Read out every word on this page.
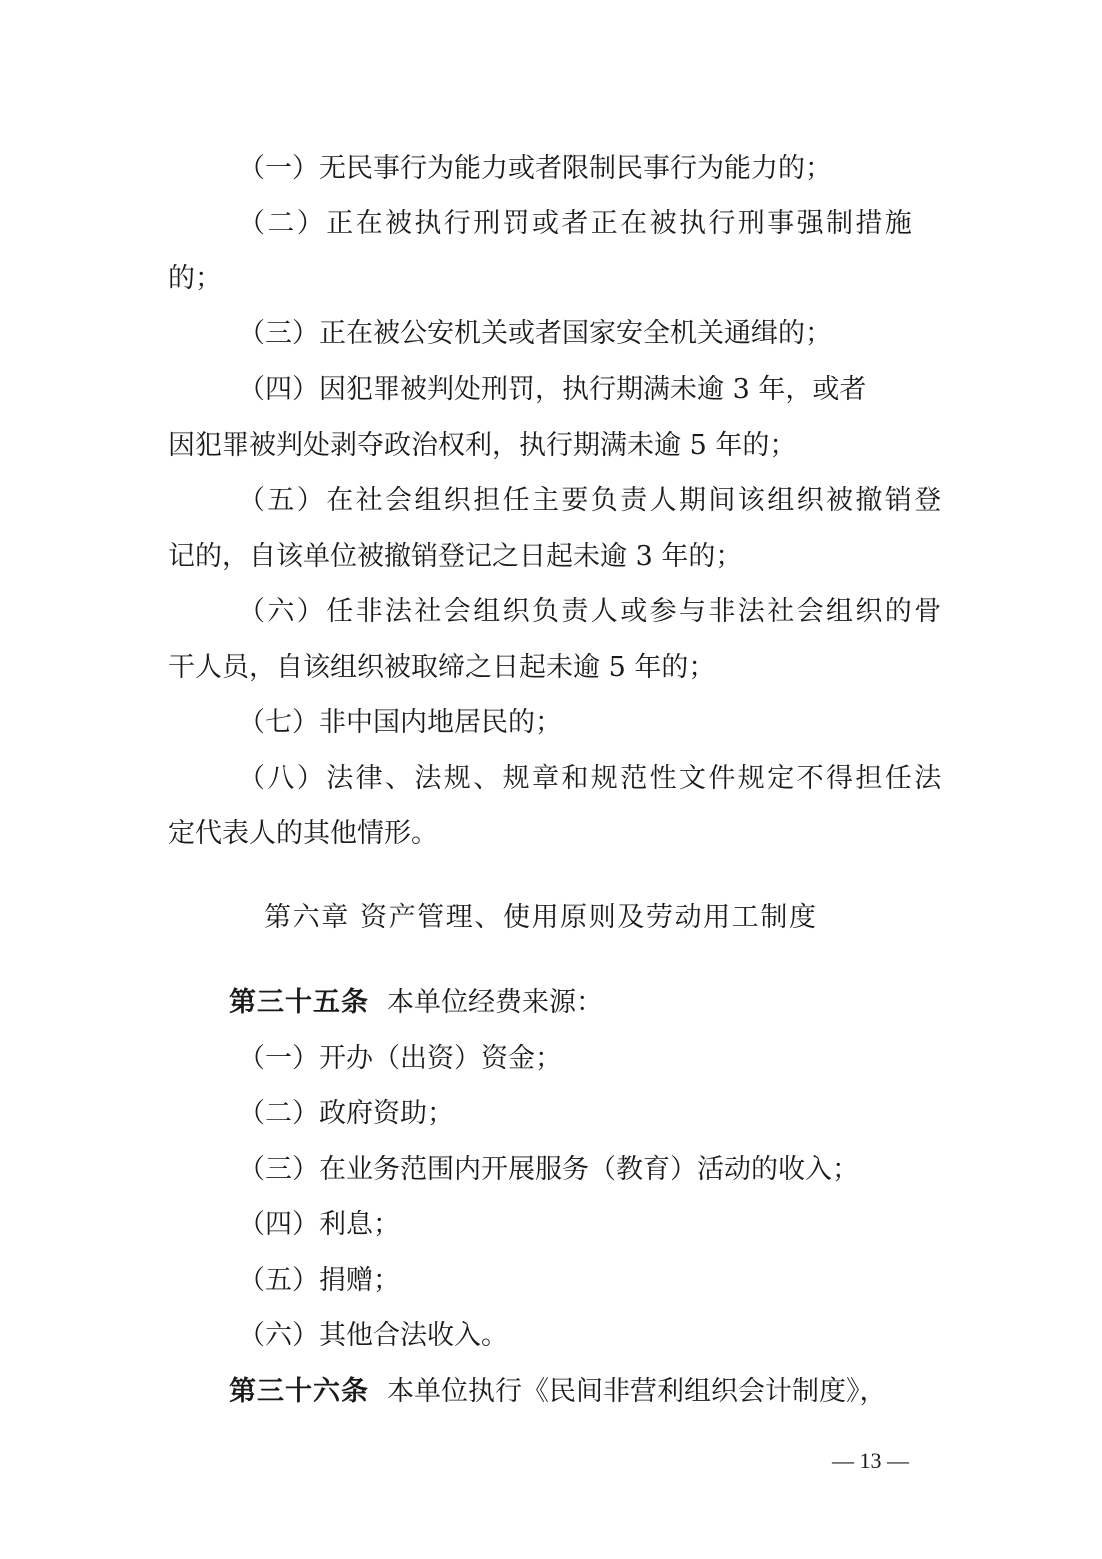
（一）无民事行为能力或者限制民事行为能力的；
（二）正在被执行刑罚或者正在被执行刑事强制措施
的；
（三）正在被公安机关或者国家安全机关通缉的；
（四）因犯罪被判处刑罚，执行期满未逾 3 年，或者
因犯罪被判处剥夺政治权利，执行期满未逾 5 年的；
（五）在社会组织担任主要负责人期间该组织被撤销登
记的，自该单位被撤销登记之日起未逾 3 年的；
（六）任非法社会组织负责人或参与非法社会组织的骨
干人员，自该组织被取缔之日起未逾 5 年的；
（七）非中国内地居民的；
（八）法律、法规、规章和规范性文件规定不得担任法
定代表人的其他情形。
第六章 资产管理、使用原则及劳动用工制度
第三十五条 本单位经费来源：
（一）开办（出资）资金；
（二）政府资助；
（三）在业务范围内开展服务（教育）活动的收入；
（四）利息；
（五）捐赠；
（六）其他合法收入。
第三十六条 本单位执行《民间非营利组织会计制度》，
— 13 —
